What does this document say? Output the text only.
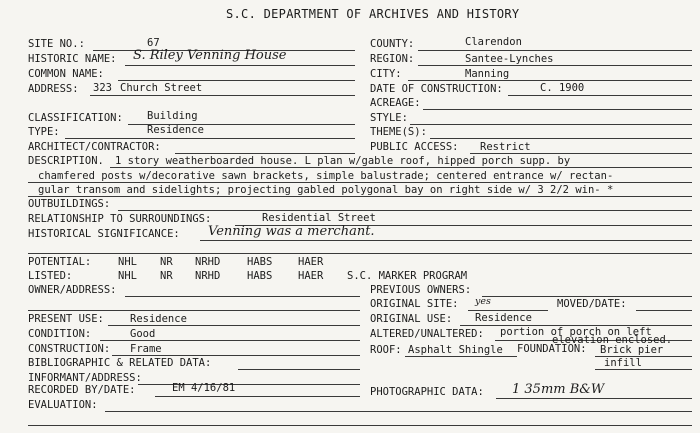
S.C. DEPARTMENT OF ARCHIVES AND HISTORY
SITE NO.:	67
HISTORIC NAME: S. Riley Venning House
COMMON NAME:
ADDRESS: 323 Church Street
CLASSIFICATION: Building
TYPE:	Residence
ARCHITECT/CONTRACTOR:
COUNTY:	Clarendon
REGION:	Santee-Lynches
CITY:	Manning
DATE OF CONSTRUCTION:	C. 1900
ACREAGE:
STYLE:
THEME(S):
PUBLIC ACCESS: Restrict
DESCRIPTION. 1 story weatherboarded house. L plan w/gable roof, hipped porch supp. by
chamfered posts w/decorative sawn brackets, simple balustrade; centered entrance w/ rectan-
gular transom and sidelights; projecting gabled polygonal bay on right side w/ 3 2/2 win- *
OUTBUILDINGS:
RELATIONSHIP TO SURROUNDINGS:	Residential Street
HISTORICAL SIGNIFICANCE: Venning was a merchant.
POTENTIAL:	NHL NR NRHD	HABS HAER
LISTED:	NHL NR NRHD	HABS HAER S.C. MARKER PROGRAM
OWNER/ADDRESS:	PREVIOUS OWNERS:
ORIGINAL SITE: yes	MOVED/DATE:
PRESENT USE: Residence	ORIGINAL USE: Residence
CONDITION:	Good	ALTERED/UNALTERED: portion of porch on left
elevation enclosed.
CONSTRUCTION: Frame	ROOF: Asphalt Shingle FOUNDATION: Brick pier
infill
BIBLIOGRAPHIC & RELATED DATA:
INFORMANT/ADDRESS:
RECORDED BY/DATE:	EM 4/16/81	PHOTOGRAPHIC DATA: 1 35mm B&W
EVALUATION:
